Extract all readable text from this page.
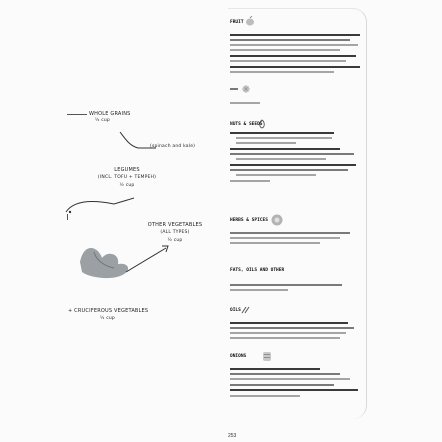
WHOLE GRAINS
½ cup
(spinach and kale)
LEGUMES
(INCL. TOFU + TEMPEH)
½ cup
OTHER VEGETABLES
(ALL TYPES)
½ cup
+ CRUCIFEROUS VEGETABLES
½ cup
FRUIT
NUTS & SEEDS
HERBS & SPICES
FATS, OILS AND OTHER
OILS
ONIONS
253
